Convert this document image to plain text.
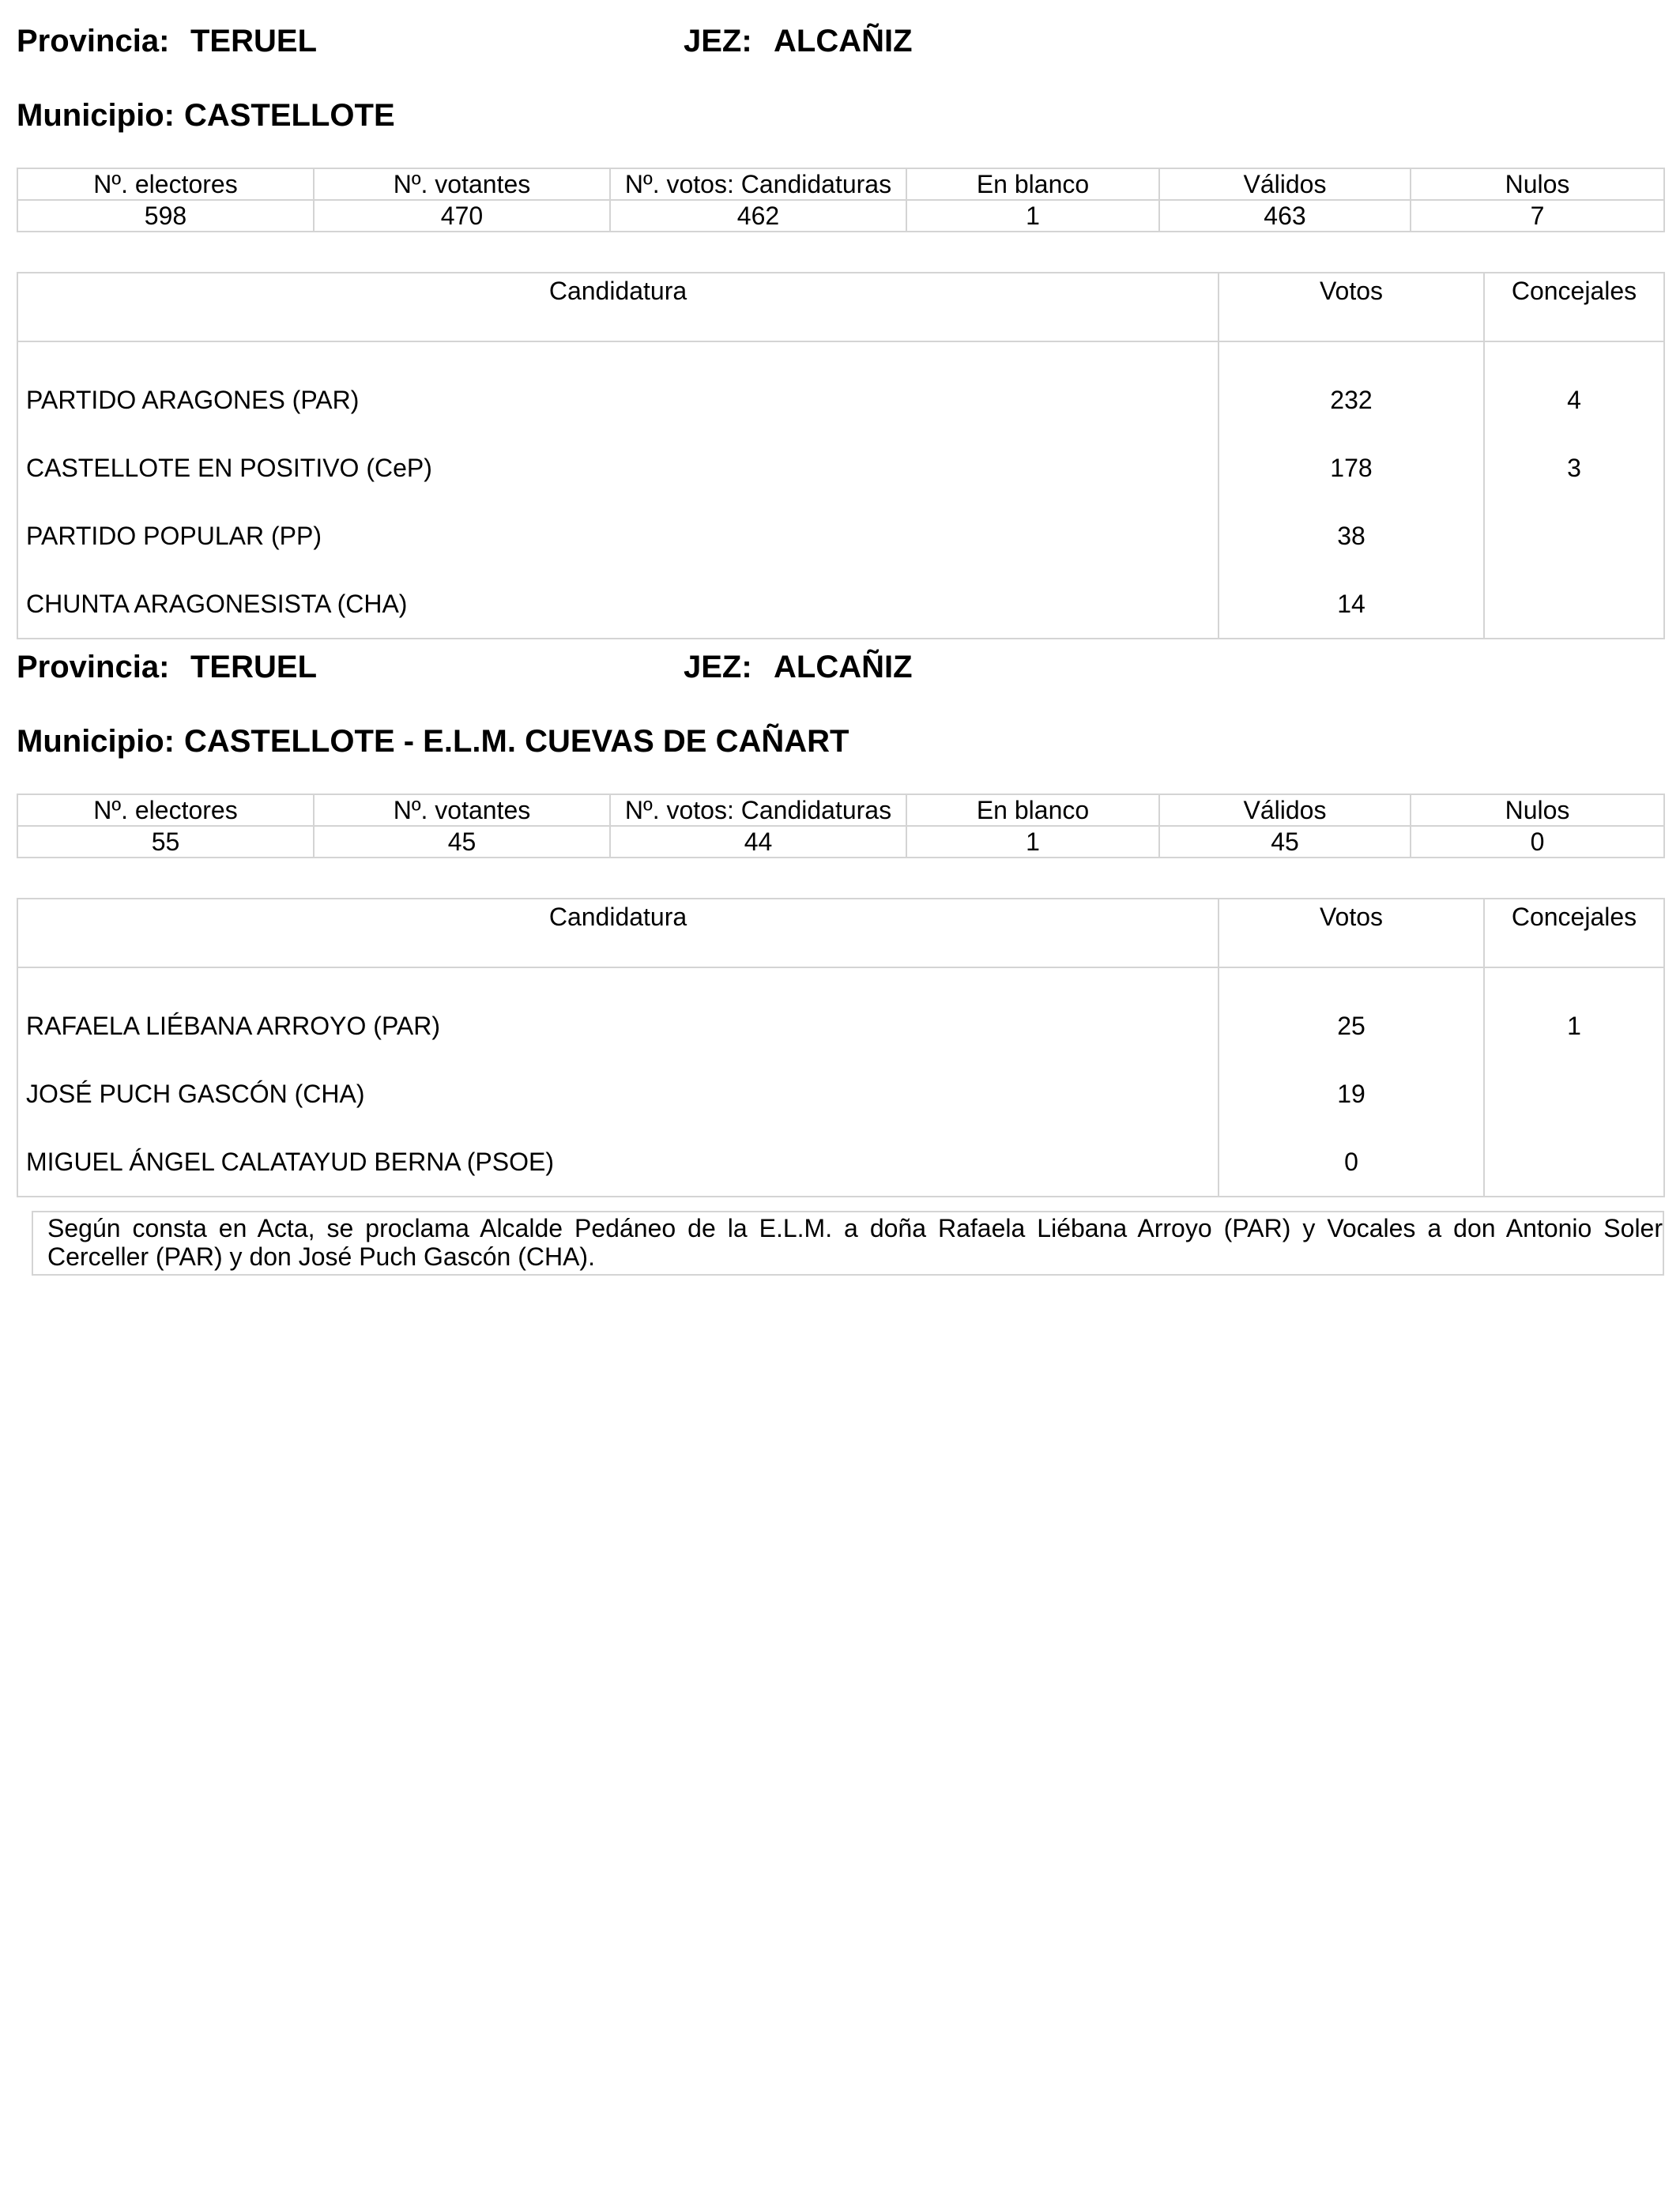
Provincia: TERUEL	JEZ: ALCAÑIZ
Municipio: CASTELLOTE
Nº. electores	Nº. votantes	Nº. votos: Candidaturas	En blanco	Válidos	Nulos
598	470	462	1	463	7
Candidatura	Votos	Concejales
PARTIDO ARAGONES (PAR)	232	4
CASTELLOTE EN POSITIVO (CeP)	178	3
PARTIDO POPULAR (PP)	38	
CHUNTA ARAGONESISTA (CHA)	14	
Provincia: TERUEL	JEZ: ALCAÑIZ
Municipio: CASTELLOTE - E.L.M. CUEVAS DE CAÑART
Nº. electores	Nº. votantes	Nº. votos: Candidaturas	En blanco	Válidos	Nulos
55	45	44	1	45	0
Candidatura	Votos	Concejales
RAFAELA LIÉBANA ARROYO (PAR)	25	1
JOSÉ PUCH GASCÓN (CHA)	19	
MIGUEL ÁNGEL CALATAYUD BERNA (PSOE)	0	
Según consta en Acta, se proclama Alcalde Pedáneo de la E.L.M. a doña Rafaela Liébana Arroyo (PAR) y Vocales a don Antonio Soler Cerceller (PAR) y don José Puch Gascón (CHA).
